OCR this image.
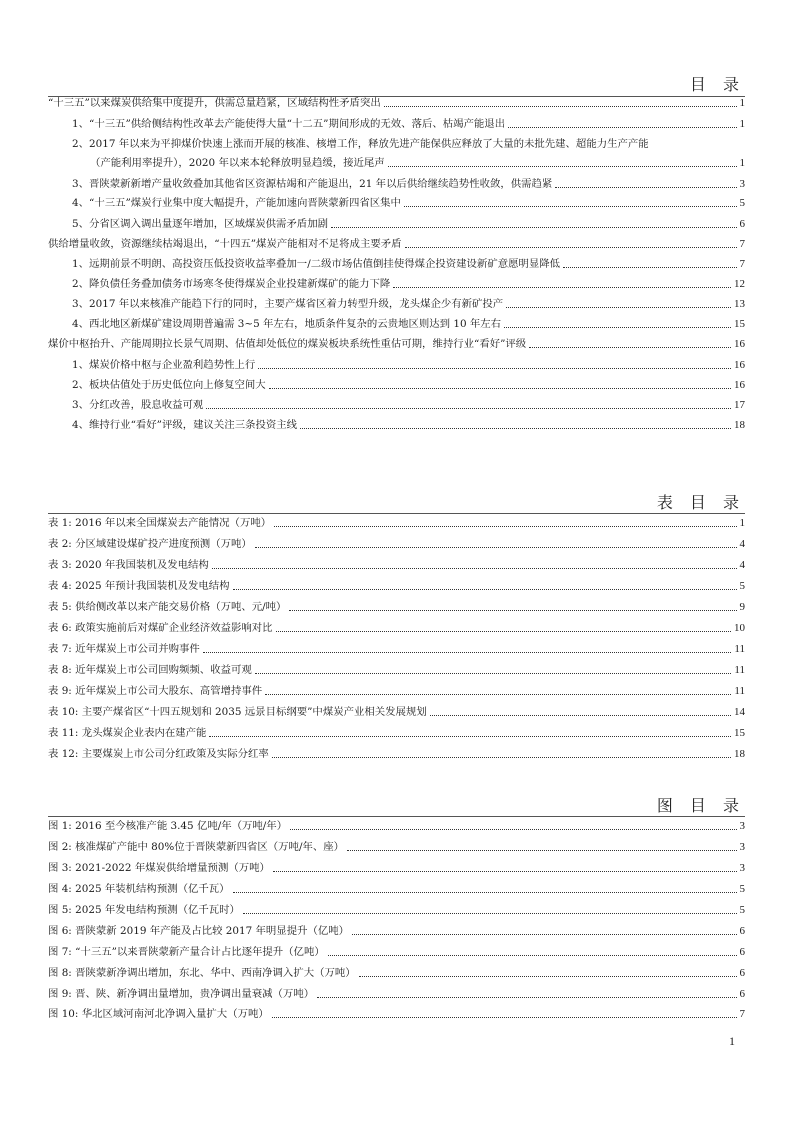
目 录
“十三五”以来煤炭供给集中度提升，供需总量趋紧，区域结构性矛盾突出	1
1、“十三五”供给侧结构性改革去产能使得大量“十二五”期间形成的无效、落后、枯竭产能退出	1
2、2017 年以来为平抑煤价快速上涨而开展的核准、核增工作，释放先进产能保供应释放了大量的未批先建、超能力生产产能
（产能利用率提升），2020 年以来本轮释放明显趋缓，接近尾声	1
3、晋陕蒙新新增产量收敛叠加其他省区资源枯竭和产能退出，21 年以后供给继续趋势性收敛，供需趋紧	3
4、“十三五”煤炭行业集中度大幅提升，产能加速向晋陕蒙新四省区集中	5
5、分省区调入调出量逐年增加，区域煤炭供需矛盾加剧	6
供给增量收敛，资源继续枯竭退出，“十四五”煤炭产能相对不足将成主要矛盾	7
1、远期前景不明朗、高投资压低投资收益率叠加一/二级市场估值倒挂使得煤企投资建设新矿意愿明显降低	7
2、降负债任务叠加债务市场寒冬使得煤炭企业投建新煤矿的能力下降	12
3、2017 年以来核准产能趋下行的同时，主要产煤省区着力转型升级，龙头煤企少有新矿投产	13
4、西北地区新煤矿建设周期普遍需 3~5 年左右，地质条件复杂的云贵地区则达到 10 年左右	15
煤价中枢抬升、产能周期拉长景气周期、估值却处低位的煤炭板块系统性重估可期，维持行业“看好”评级	16
1、煤炭价格中枢与企业盈利趋势性上行	16
2、板块估值处于历史低位向上修复空间大	16
3、分红改善，股息收益可观	17
4、维持行业“看好”评级，建议关注三条投资主线	18
表 目 录
表 1: 2016 年以来全国煤炭去产能情况（万吨）	1
表 2: 分区域建设煤矿投产进度预测（万吨）	4
表 3: 2020 年我国装机及发电结构	4
表 4: 2025 年预计我国装机及发电结构	5
表 5: 供给侧改革以来产能交易价格（万吨、元/吨）	9
表 6: 政策实施前后对煤矿企业经济效益影响对比	10
表 7: 近年煤炭上市公司并购事件	11
表 8: 近年煤炭上市公司回购频频、收益可观	11
表 9: 近年煤炭上市公司大股东、高管增持事件	11
表 10: 主要产煤省区“十四五规划和 2035 远景目标纲要”中煤炭产业相关发展规划	14
表 11: 龙头煤炭企业表内在建产能	15
表 12: 主要煤炭上市公司分红政策及实际分红率	18
图 目 录
图 1: 2016 至今核准产能 3.45 亿吨/年（万吨/年）	3
图 2: 核准煤矿产能中 80%位于晋陕蒙新四省区（万吨/年、座）	3
图 3: 2021-2022 年煤炭供给增量预测（万吨）	3
图 4: 2025 年装机结构预测（亿千瓦）	5
图 5: 2025 年发电结构预测（亿千瓦时）	5
图 6: 晋陕蒙新 2019 年产能及占比较 2017 年明显提升（亿吨）	6
图 7: “十三五”以来晋陕蒙新产量合计占比逐年提升（亿吨）	6
图 8: 晋陕蒙新净调出增加，东北、华中、西南净调入扩大（万吨）	6
图 9: 晋、陕、新净调出量增加，贵净调出量衰减（万吨）	6
图 10: 华北区域河南河北净调入量扩大（万吨）	7
1
